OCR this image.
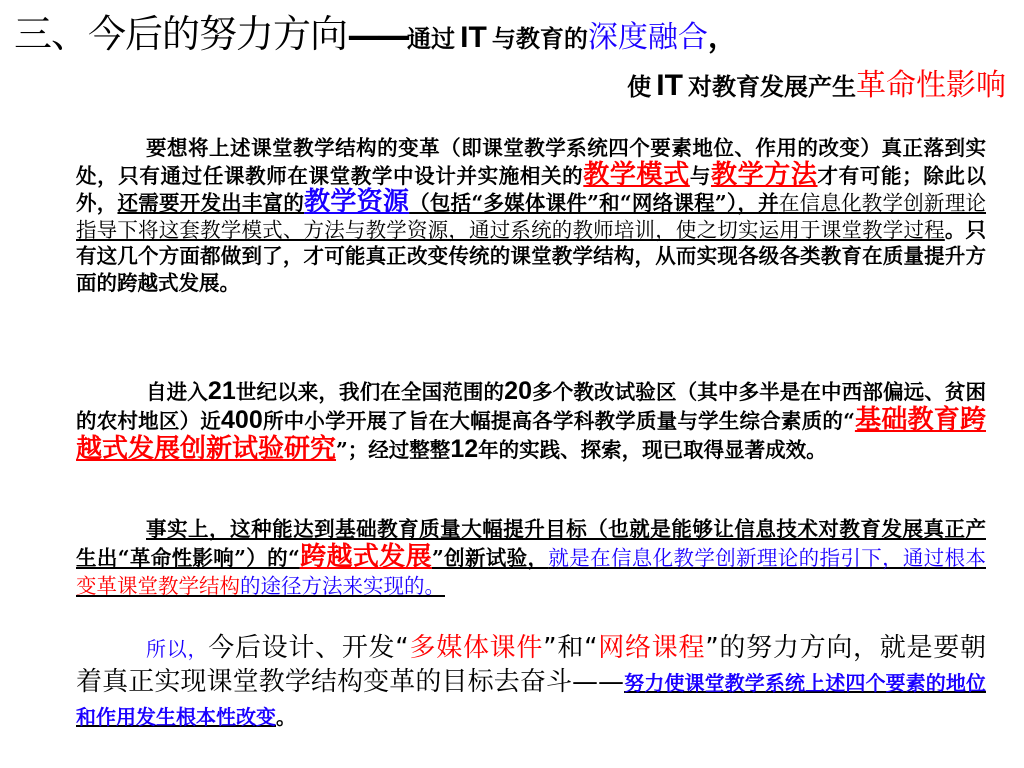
三、今后的努力方向——通过 IT 与教育的深度融合，
使 IT 对教育发展产生革命性影响

要想将上述课堂教学结构的变革（即课堂教学系统四个要素地位、作用的改变）真正落到实处，只有通过任课教师在课堂教学中设计并实施相关的教学模式与教学方法才有可能；除此以外，还需要开发出丰富的教学资源（包括“多媒体课件”和“网络课程”），并在信息化教学创新理论指导下将这套教学模式、方法与教学资源，通过系统的教师培训，使之切实运用于课堂教学过程。只有这几个方面都做到了，才可能真正改变传统的课堂教学结构，从而实现各级各类教育在质量提升方面的跨越式发展。

自进入21世纪以来，我们在全国范围的20多个教改试验区（其中多半是在中西部偏远、贫困的农村地区）近400所中小学开展了旨在大幅提高各学科教学质量与学生综合素质的“基础教育跨越式发展创新试验研究”；经过整整12年的实践、探索，现已取得显著成效。

事实上，这种能达到基础教育质量大幅提升目标（也就是能够让信息技术对教育发展真正产生出“革命性影响”）的“跨越式发展”创新试验，就是在信息化教学创新理论的指引下，通过根本变革课堂教学结构的途径方法来实现的。

所以，今后设计、开发“多媒体课件”和“网络课程”的努力方向，就是要朝着真正实现课堂教学结构变革的目标去奋斗——努力使课堂教学系统上述四个要素的地位和作用发生根本性改变。
